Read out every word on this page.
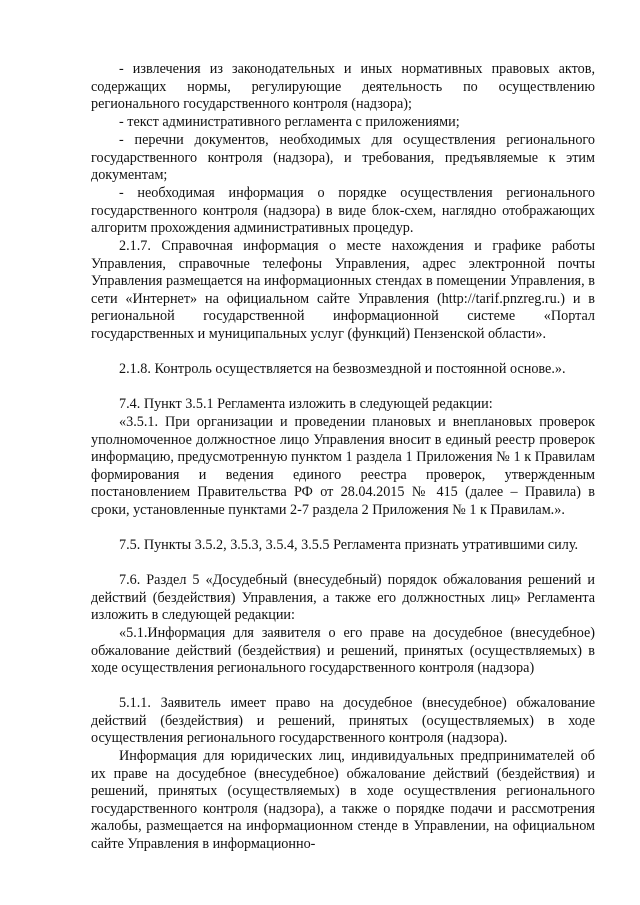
- извлечения из законодательных и иных нормативных правовых актов, содержащих нормы, регулирующие деятельность по осуществлению регионального государственного контроля (надзора);

- текст административного регламента с приложениями;

- перечни документов, необходимых для осуществления регионального государственного контроля (надзора), и требования, предъявляемые к этим документам;

- необходимая информация о порядке осуществления регионального государственного контроля (надзора) в виде блок-схем, наглядно отображающих алгоритм прохождения административных процедур.

2.1.7. Справочная информация о месте нахождения и графике работы Управления, справочные телефоны Управления, адрес электронной почты Управления размещается на информационных стендах в помещении Управления, в сети «Интернет» на официальном сайте Управления (http://tarif.pnzreg.ru.) и в региональной государственной информационной системе «Портал государственных и муниципальных услуг (функций) Пензенской области».

2.1.8. Контроль осуществляется на безвозмездной и постоянной основе.».

7.4. Пункт 3.5.1 Регламента изложить в следующей редакции:

«3.5.1. При организации и проведении плановых и внеплановых проверок уполномоченное должностное лицо Управления вносит в единый реестр проверок информацию, предусмотренную пунктом 1 раздела 1 Приложения № 1 к Правилам формирования и ведения единого реестра проверок, утвержденным постановлением Правительства РФ от 28.04.2015 № 415 (далее – Правила) в сроки, установленные пунктами 2-7 раздела 2 Приложения № 1 к Правилам.».

7.5. Пункты 3.5.2, 3.5.3, 3.5.4, 3.5.5 Регламента признать утратившими силу.

7.6. Раздел 5 «Досудебный (внесудебный) порядок обжалования решений и действий (бездействия) Управления, а также его должностных лиц» Регламента изложить в следующей редакции:

«5.1.Информация для заявителя о его праве на досудебное (внесудебное) обжалование действий (бездействия) и решений, принятых (осуществляемых) в ходе осуществления регионального государственного контроля (надзора)

5.1.1. Заявитель имеет право на досудебное (внесудебное) обжалование действий (бездействия) и решений, принятых (осуществляемых) в ходе осуществления регионального государственного контроля (надзора).

Информация для юридических лиц, индивидуальных предпринимателей об их праве на досудебное (внесудебное) обжалование действий (бездействия) и решений, принятых (осуществляемых) в ходе осуществления регионального государственного контроля (надзора), а также о порядке подачи и рассмотрения жалобы, размещается на информационном стенде в Управлении, на официальном сайте Управления в информационно-
